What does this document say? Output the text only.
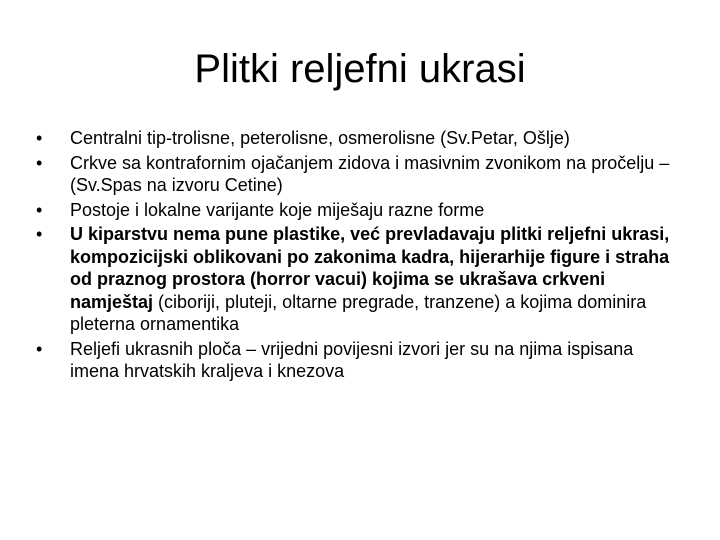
Plitki reljefni ukrasi
•	Centralni tip-trolisne, peterolisne, osmerolisne (Sv.Petar, Ošlje)
•	Crkve sa kontrafornim ojačanjem zidova i masivnim zvonikom na pročelju – (Sv.Spas na izvoru Cetine)
•	Postoje i lokalne varijante koje miješaju razne forme
•	U kiparstvu nema pune plastike, već prevladavaju plitki reljefni ukrasi, kompozicijski oblikovani po zakonima kadra, hijerarhije figure i straha od praznog prostora (horror vacui) kojima se ukrašava crkveni namještaj (ciboriji, pluteji, oltarne pregrade, tranzene) a kojima dominira pleterna ornamentika
•	Reljefi ukrasnih ploča – vrijedni povijesni izvori jer su na njima ispisana imena hrvatskih kraljeva i knezova
